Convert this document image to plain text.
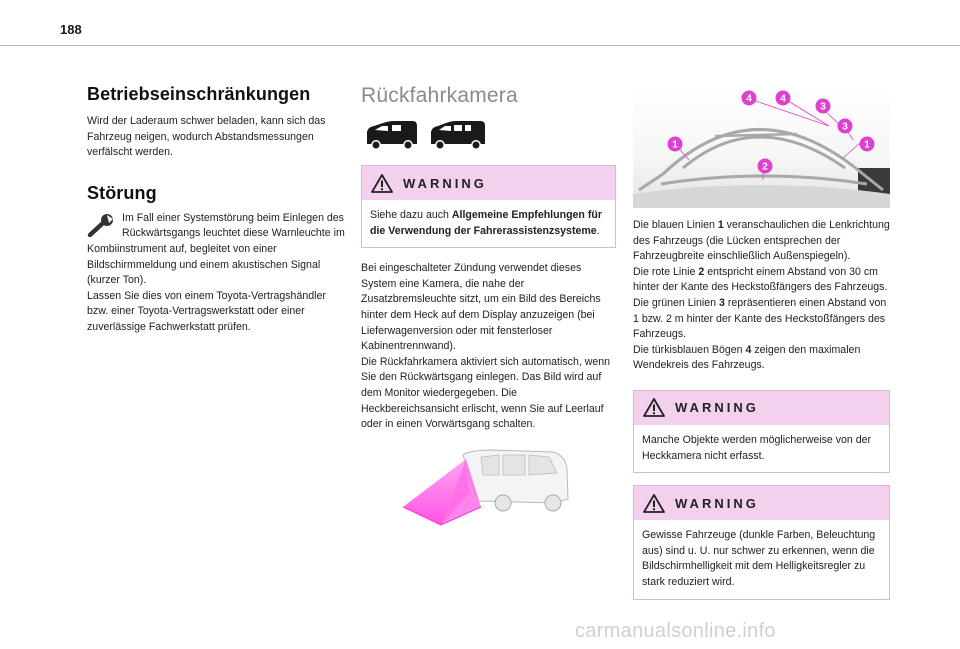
188
Betriebseinschränkungen

Wird der Laderaum schwer beladen, kann sich das Fahrzeug neigen, wodurch Abstandsmessungen verfälscht werden.

Störung

Im Fall einer Systemstörung beim Einlegen des

Rückwärtsgangs leuchtet diese Warnleuchte im

Kombiinstrument auf, begleitet von einer Bildschirmmeldung und einem akustischen Signal (kurzer Ton).

Lassen Sie dies von einem Toyota-Vertragshändler bzw. einer Toyota-Vertragswerkstatt oder einer zuverlässige Fachwerkstatt prüfen.

Rückfahrkamera
WARNING

Siehe dazu auch Allgemeine Empfehlungen für die Verwendung der Fahrerassistenzsysteme.

Bei eingeschalteter Zündung verwendet dieses System eine Kamera, die nahe der Zusatzbremsleuchte sitzt, um ein Bild des Bereichs hinter dem Heck auf dem Display anzuzeigen (bei Lieferwagenversion oder mit fensterloser Kabinentrennwand).

Die Rückfahrkamera aktiviert sich automatisch, wenn Sie den Rückwärtsgang einlegen. Das Bild wird auf dem Monitor wiedergegeben. Die Heckbereichsansicht erlischt, wenn Sie auf Leerlauf oder in einen Vorwärtsgang schalten.

4	4
3
3
1	1
2

Die blauen Linien 1 veranschaulichen die Lenkrichtung des Fahrzeugs (die Lücken entsprechen der Fahrzeugbreite einschließlich Außenspiegeln).

Die rote Linie 2 entspricht einem Abstand von 30 cm hinter der Kante des Heckstoßfängers des Fahrzeugs.

Die grünen Linien 3 repräsentieren einen Abstand von 1 bzw. 2 m hinter der Kante des Heckstoßfängers des Fahrzeugs.

Die türkisblauen Bögen 4 zeigen den maximalen Wendekreis des Fahrzeugs.

WARNING

Manche Objekte werden möglicherweise von der Heckkamera nicht erfasst.

WARNING

Gewisse Fahrzeuge (dunkle Farben, Beleuchtung aus) sind u. U. nur schwer zu erkennen, wenn die Bildschirmhelligkeit mit dem Helligkeitsregler zu stark reduziert wird.

carmanualsonline.info
